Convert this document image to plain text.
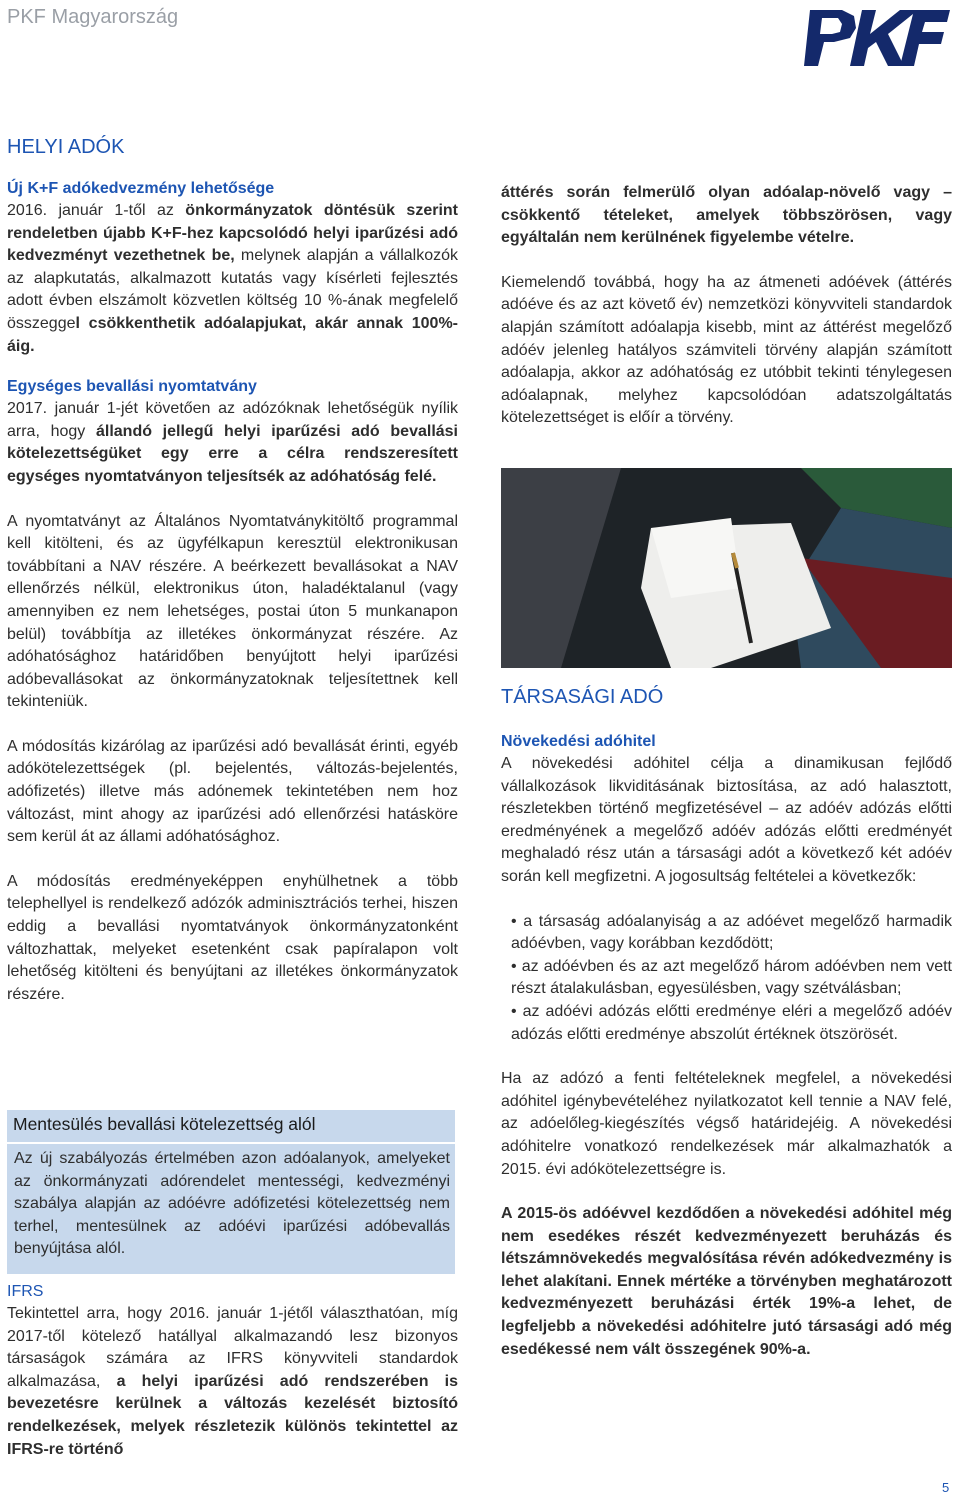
PKF Magyarország
HELYI ADÓK
Új K+F adókedvezmény lehetősége

2016. január 1-től az önkormányzatok döntésük szerint rendeletben újabb K+F-hez kapcsolódó helyi iparűzési adó kedvezményt vezethetnek be, melynek alapján a vállalkozók az alapkutatás, alkalmazott kutatás vagy kísérleti fejlesztés adott évben elszámolt közvetlen költség 10 %-ának megfelelő összeggel csökkenthetik adóalapjukat, akár annak 100%-áig.

Egységes bevallási nyomtatvány

2017. január 1-jét követően az adózóknak lehetőségük nyílik arra, hogy állandó jellegű helyi iparűzési adó bevallási kötelezettségüket egy erre a célra rendszeresített egységes nyomtatványon teljesítsék az adóhatóság felé.

A nyomtatványt az Általános Nyomtatványkitöltő programmal kell kitölteni, és az ügyfélkapun keresztül elektronikusan továbbítani a NAV részére. A beérkezett bevallásokat a NAV ellenőrzés nélkül, elektronikus úton, haladéktalanul (vagy amennyiben ez nem lehetséges, postai úton 5 munkanapon belül) továbbítja az illetékes önkormányzat részére. Az adóhatósághoz határidőben benyújtott helyi iparűzési adóbevallásokat az önkormányzatoknak teljesítettnek kell tekinteniük.

A módosítás kizárólag az iparűzési adó bevallását érinti, egyéb adókötelezettségek (pl. bejelentés, változás-bejelentés, adófizetés) illetve más adónemek tekintetében nem hoz változást, mint ahogy az iparűzési adó ellenőrzési hatásköre sem kerül át az állami adóhatósághoz.

A módosítás eredményeképpen enyhülhetnek a több telephellyel is rendelkező adózók adminisztrációs terhei, hiszen eddig a bevallási nyomtatványok önkormányzatonként változhattak, melyeket esetenként csak papíralapon volt lehetőség kitölteni és benyújtani az illetékes önkormányzatok részére.

Mentesülés bevallási kötelezettség alól
Az új szabályozás értelmében azon adóalanyok, amelyeket az önkormányzati adórendelet mentességi, kedvezményi szabálya alapján az adóévre adófizetési kötelezettség nem terhel, mentesülnek az adóévi iparűzési adóbevallás benyújtása alól.
IFRS

Tekintettel arra, hogy 2016. január 1-jétől választhatóan, míg 2017-től kötelező hatállyal alkalmazandó lesz bizonyos társaságok számára az IFRS könyvviteli standardok alkalmazása, a helyi iparűzési adó rendszerében is bevezetésre kerülnek a változás kezelését biztosító rendelkezések, melyek részletezik különös tekintettel az IFRS-re történő

áttérés során felmerülő olyan adóalap-növelő vagy –csökkentő tételeket, amelyek többszörösen, vagy egyáltalán nem kerülnének figyelembe vételre.

Kiemelendő továbbá, hogy ha az átmeneti adóévek (áttérés adóéve és az azt követő év) nemzetközi könyvviteli standardok alapján számított adóalapja kisebb, mint az áttérést megelőző adóév jelenleg hatályos számviteli törvény alapján számított adóalapja, akkor az adóhatóság ez utóbbit tekinti ténylegesen adóalapnak, melyhez kapcsolódóan adatszolgáltatás kötelezettséget is előír a törvény.

TÁRSASÁGI ADÓ
Növekedési adóhitel

A növekedési adóhitel célja a dinamikusan fejlődő vállalkozások likviditásának biztosítása, az adó halasztott, részletekben történő megfizetésével – az adóév adózás előtti eredményének a megelőző adóév adózás előtti eredményét meghaladó rész után a társasági adót a következő két adóév során kell megfizetni. A jogosultság feltételei a következők:

• a társaság adóalanyiság a az adóévet megelőző harmadik adóévben, vagy korábban kezdődött;
• az adóévben és az azt megelőző három adóévben nem vett részt átalakulásban, egyesülésben, vagy szétválásban;
• az adóévi adózás előtti eredménye eléri a megelőző adóév adózás előtti eredménye abszolút értéknek ötszörösét.

Ha az adózó a fenti feltételeknek megfelel, a növekedési adóhitel igénybevételéhez nyilatkozatot kell tennie a NAV felé, az adóelőleg-kiegészítés végső határidejéig. A növekedési adóhitelre vonatkozó rendelkezések már alkalmazhatók a 2015. évi adókötelezettségre is.

A 2015-ös adóévvel kezdődően a növekedési adóhitel még nem esedékes részét kedvezményezett beruházás és létszámnövekedés megvalósítása révén adókedvezmény is lehet alakítani. Ennek mértéke a törvényben meghatározott kedvezményezett beruházási érték 19%-a lehet, de legfeljebb a növekedési adóhitelre jutó társasági adó még esedékessé nem vált összegének 90%-a.

5
